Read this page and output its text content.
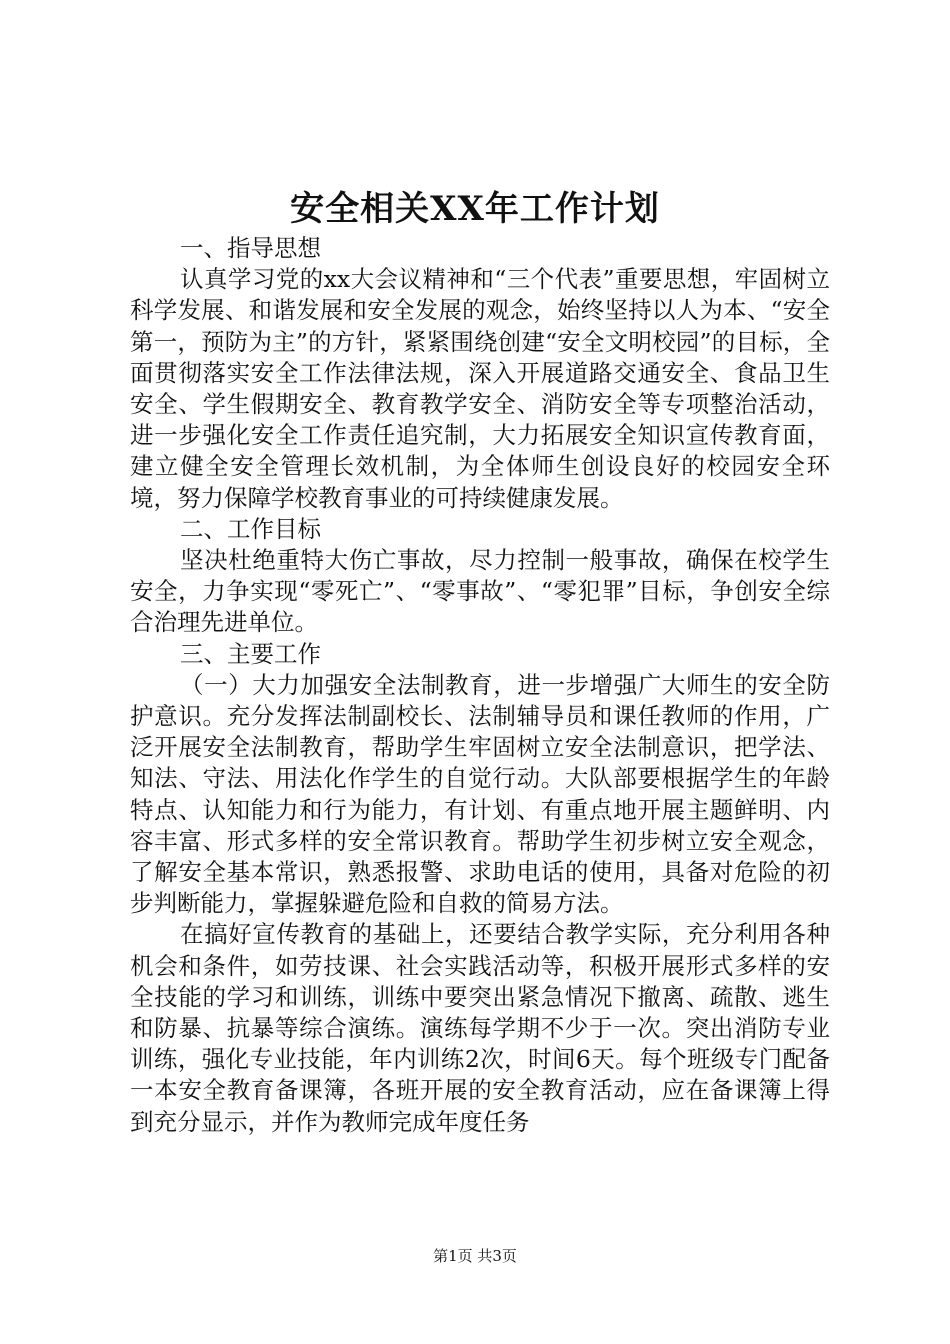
安全相关XX年工作计划

一、指导思想

认真学习党的xx大会议精神和“三个代表”重要思想，牢固树立科学发展、和谐发展和安全发展的观念，始终坚持以人为本、“安全第一，预防为主”的方针，紧紧围绕创建“安全文明校园”的目标，全面贯彻落实安全工作法律法规，深入开展道路交通安全、食品卫生安全、学生假期安全、教育教学安全、消防安全等专项整治活动，进一步强化安全工作责任追究制，大力拓展安全知识宣传教育面，建立健全安全管理长效机制，为全体师生创设良好的校园安全环境，努力保障学校教育事业的可持续健康发展。

二、工作目标

坚决杜绝重特大伤亡事故，尽力控制一般事故，确保在校学生安全，力争实现“零死亡”、“零事故”、“零犯罪”目标，争创安全综合治理先进单位。

三、主要工作

（一）大力加强安全法制教育，进一步增强广大师生的安全防护意识。充分发挥法制副校长、法制辅导员和课任教师的作用，广泛开展安全法制教育，帮助学生牢固树立安全法制意识，把学法、知法、守法、用法化作学生的自觉行动。大队部要根据学生的年龄特点、认知能力和行为能力，有计划、有重点地开展主题鲜明、内容丰富、形式多样的安全常识教育。帮助学生初步树立安全观念，了解安全基本常识，熟悉报警、求助电话的使用，具备对危险的初步判断能力，掌握躲避危险和自救的简易方法。

在搞好宣传教育的基础上，还要结合教学实际，充分利用各种机会和条件，如劳技课、社会实践活动等，积极开展形式多样的安全技能的学习和训练，训练中要突出紧急情况下撤离、疏散、逃生和防暴、抗暴等综合演练。演练每学期不少于一次。突出消防专业训练，强化专业技能，年内训练2次，时间6天。每个班级专门配备一本安全教育备课簿，各班开展的安全教育活动，应在备课簿上得到充分显示，并作为教师完成年度任务

第1页 共3页
